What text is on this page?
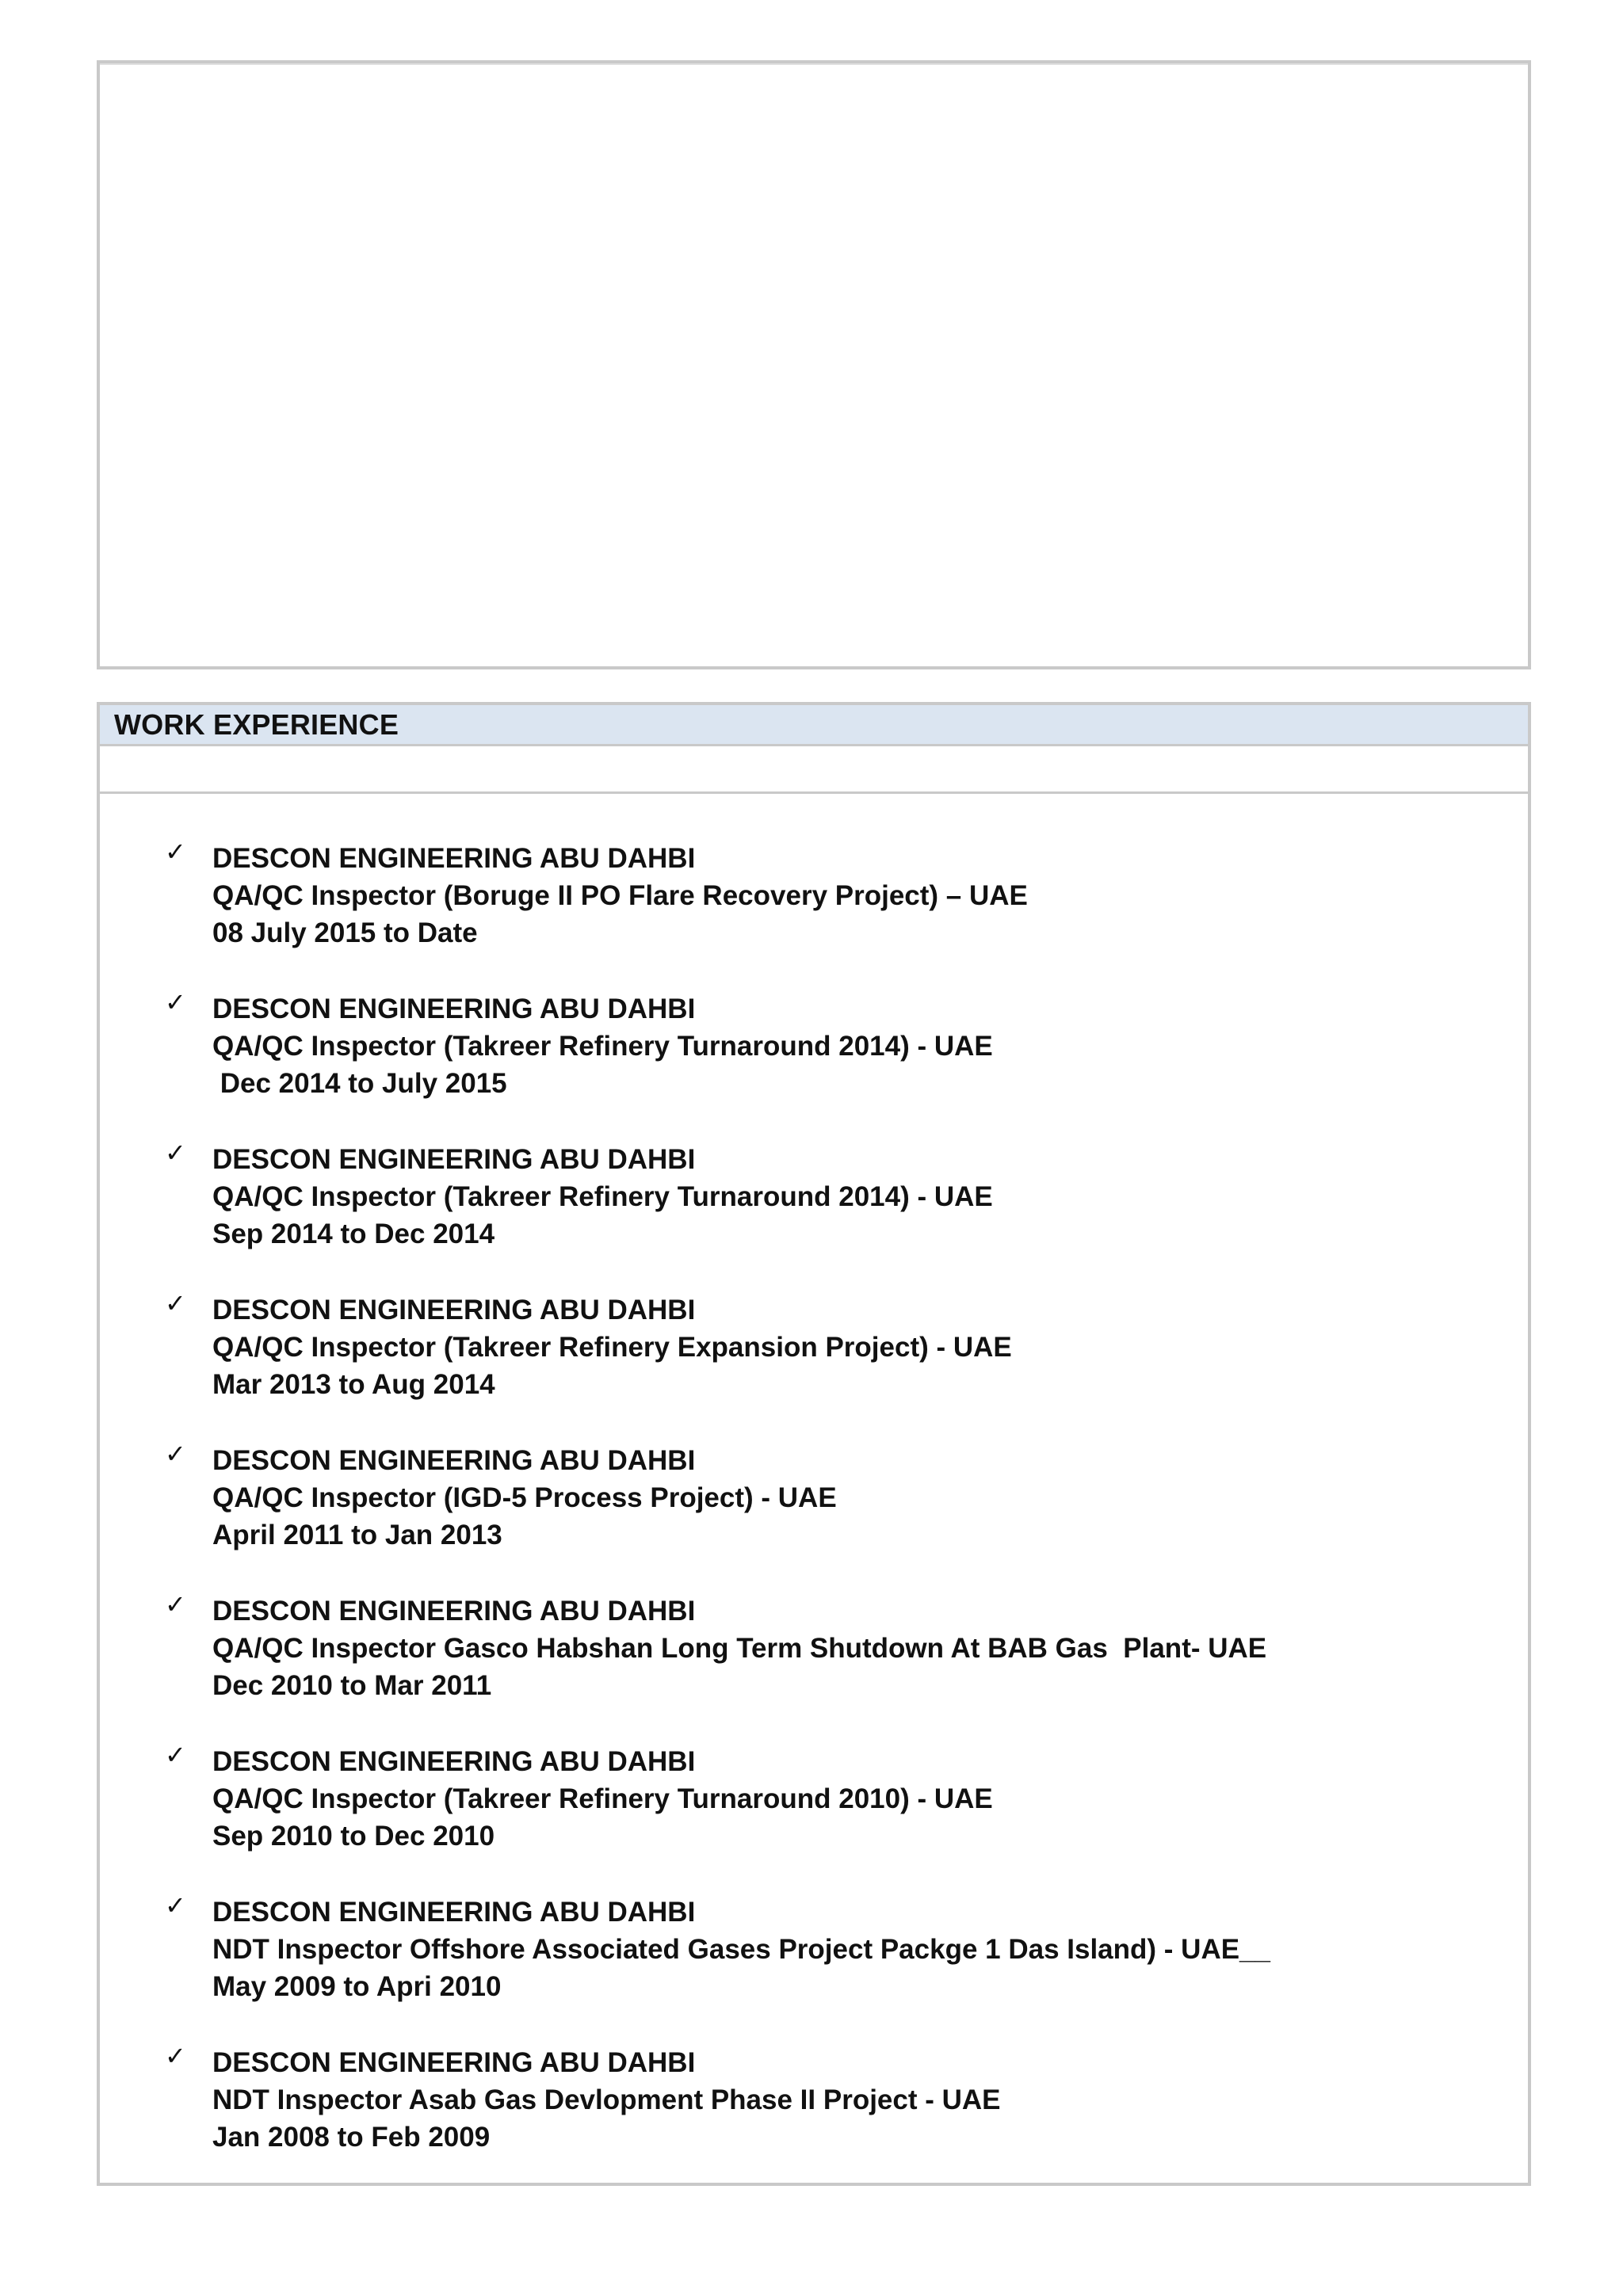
WORK EXPERIENCE
✓ DESCON ENGINEERING ABU DAHBI
QA/QC Inspector (Boruge II PO Flare Recovery Project) – UAE
08 July 2015 to Date
✓ DESCON ENGINEERING ABU DAHBI
QA/QC Inspector (Takreer Refinery Turnaround 2014) - UAE
Dec 2014 to July 2015
✓ DESCON ENGINEERING ABU DAHBI
QA/QC Inspector (Takreer Refinery Turnaround 2014) - UAE
Sep 2014 to Dec 2014
✓ DESCON ENGINEERING ABU DAHBI
QA/QC Inspector (Takreer Refinery Expansion Project) - UAE
Mar 2013 to Aug 2014
✓ DESCON ENGINEERING ABU DAHBI
QA/QC Inspector (IGD-5 Process Project) - UAE
April 2011 to Jan 2013
✓ DESCON ENGINEERING ABU DAHBI
QA/QC Inspector Gasco Habshan Long Term Shutdown At BAB Gas  Plant- UAE
Dec 2010 to Mar 2011
✓ DESCON ENGINEERING ABU DAHBI
QA/QC Inspector (Takreer Refinery Turnaround 2010) - UAE
Sep 2010 to Dec 2010
✓ DESCON ENGINEERING ABU DAHBI
NDT Inspector Offshore Associated Gases Project Packge 1 Das Island) - UAE__
May 2009 to Apri 2010
✓ DESCON ENGINEERING ABU DAHBI
NDT Inspector Asab Gas Devlopment Phase II Project - UAE
Jan 2008 to Feb 2009
